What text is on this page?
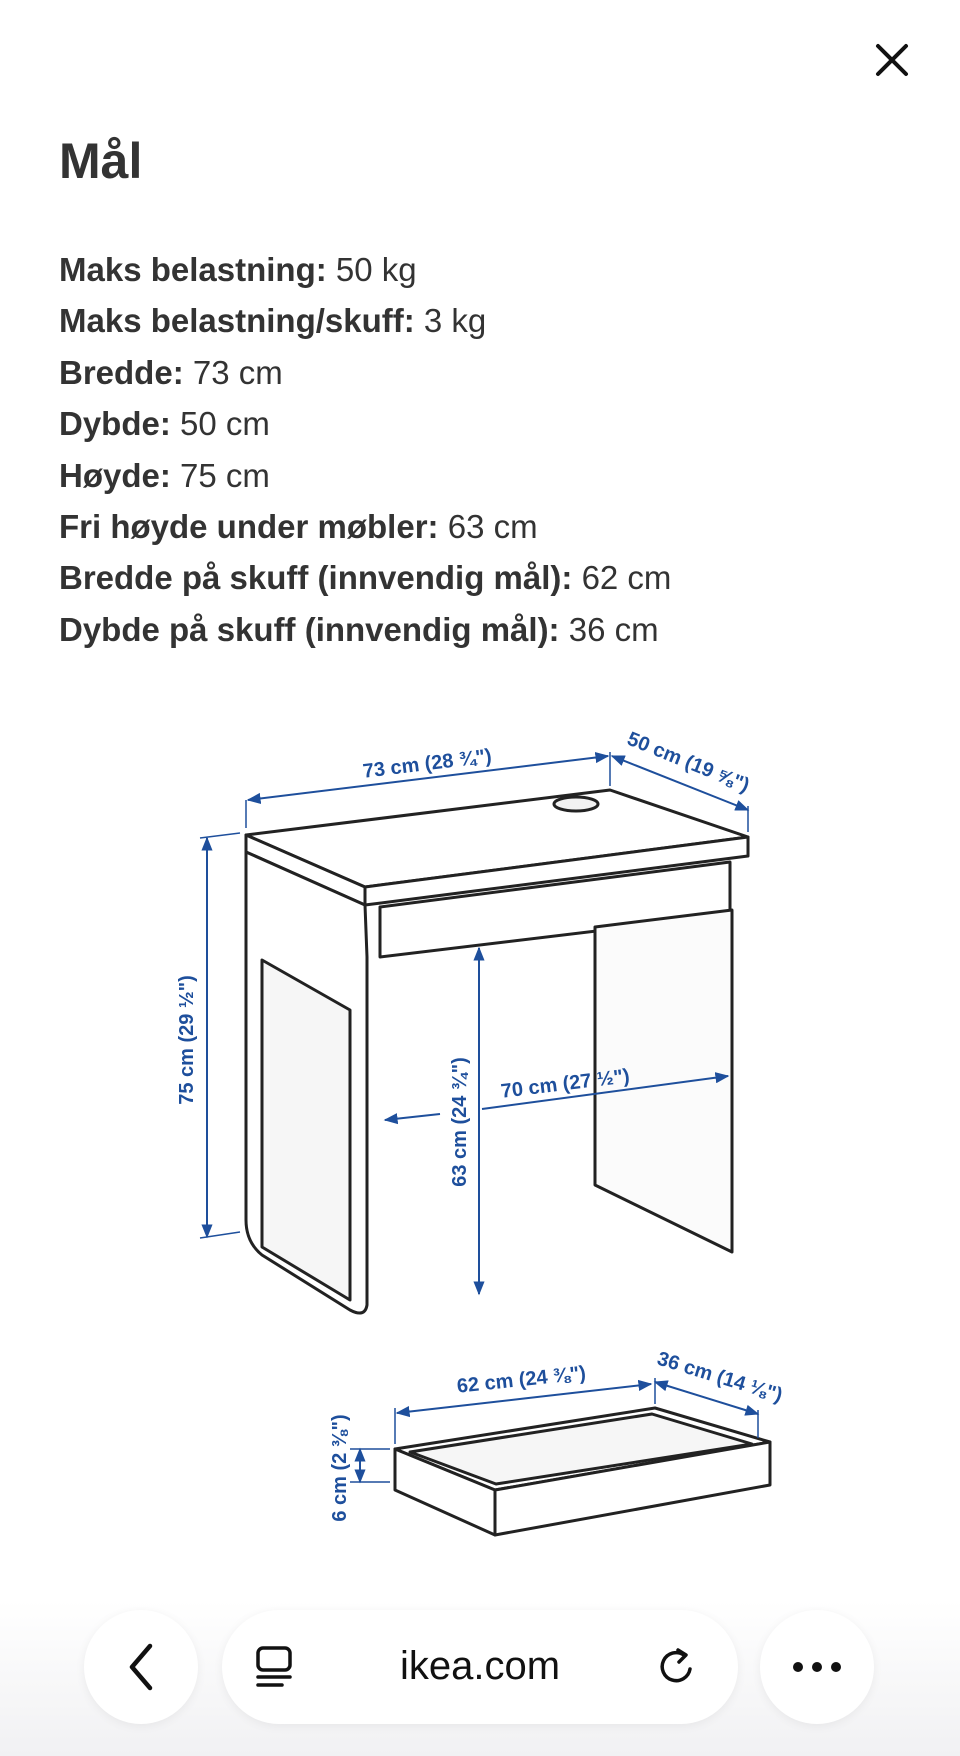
Mål
Maks belastning: 50 kg
Maks belastning/skuff: 3 kg
Bredde: 73 cm
Dybde: 50 cm
Høyde: 75 cm
Fri høyde under møbler: 63 cm
Bredde på skuff (innvendig mål): 62 cm
Dybde på skuff (innvendig mål): 36 cm
73 cm (28 ¾")	50 cm (19 ⅝")
75 cm (29 ½")
63 cm (24 ¾") 70 cm (27 ½")
62 cm (24 ⅜")	36 cm (14 ⅛")
6 cm (2 ⅜")
ikea.com
